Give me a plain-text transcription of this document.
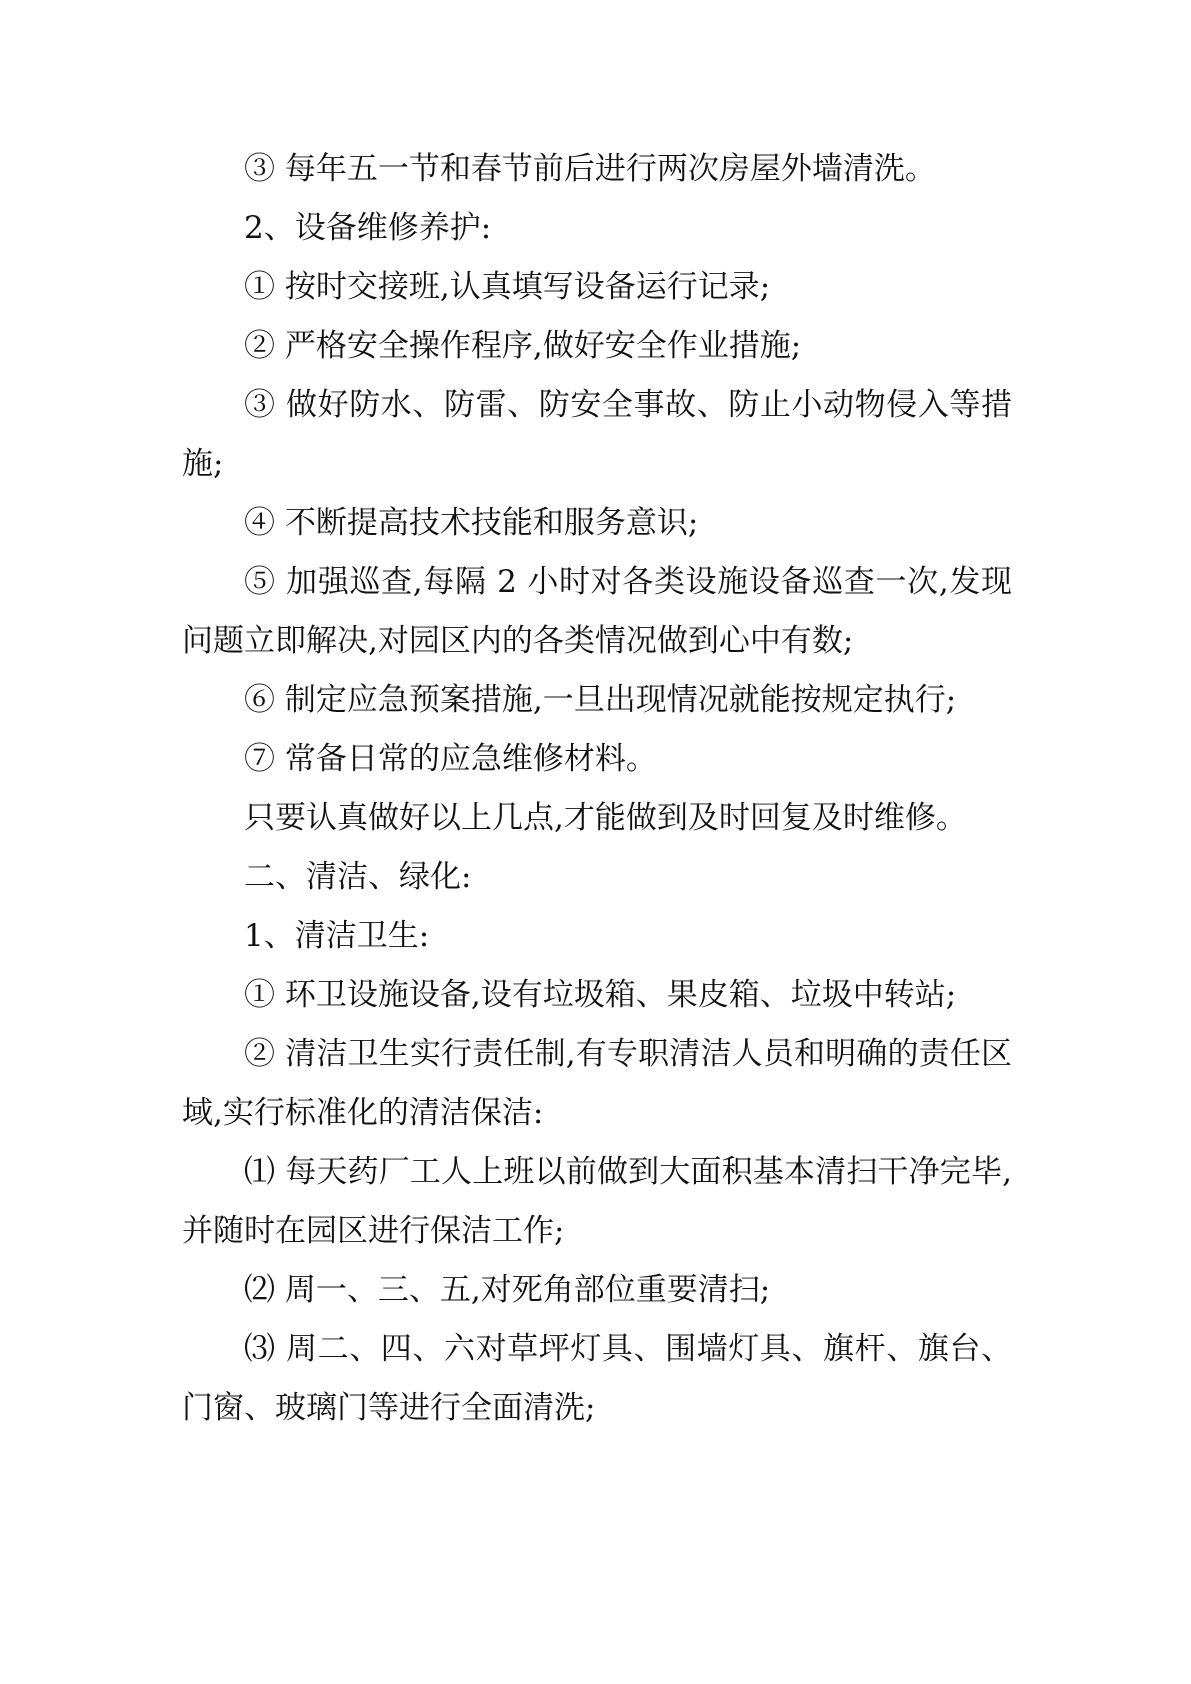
③ 每年五一节和春节前后进行两次房屋外墙清洗。

2、设备维修养护:

① 按时交接班,认真填写设备运行记录;

② 严格安全操作程序,做好安全作业措施;

③ 做好防水、防雷、防安全事故、防止小动物侵入等措施;

④ 不断提高技术技能和服务意识;

⑤ 加强巡查,每隔 2 小时对各类设施设备巡查一次,发现问题立即解决,对园区内的各类情况做到心中有数;

⑥ 制定应急预案措施,一旦出现情况就能按规定执行;

⑦ 常备日常的应急维修材料。

只要认真做好以上几点,才能做到及时回复及时维修。

二、清洁、绿化:

1、清洁卫生:

① 环卫设施设备,设有垃圾箱、果皮箱、垃圾中转站;

② 清洁卫生实行责任制,有专职清洁人员和明确的责任区域,实行标准化的清洁保洁:

⑴ 每天药厂工人上班以前做到大面积基本清扫干净完毕,并随时在园区进行保洁工作;

⑵ 周一、三、五,对死角部位重要清扫;

⑶ 周二、四、六对草坪灯具、围墙灯具、旗杆、旗台、门窗、玻璃门等进行全面清洗;
